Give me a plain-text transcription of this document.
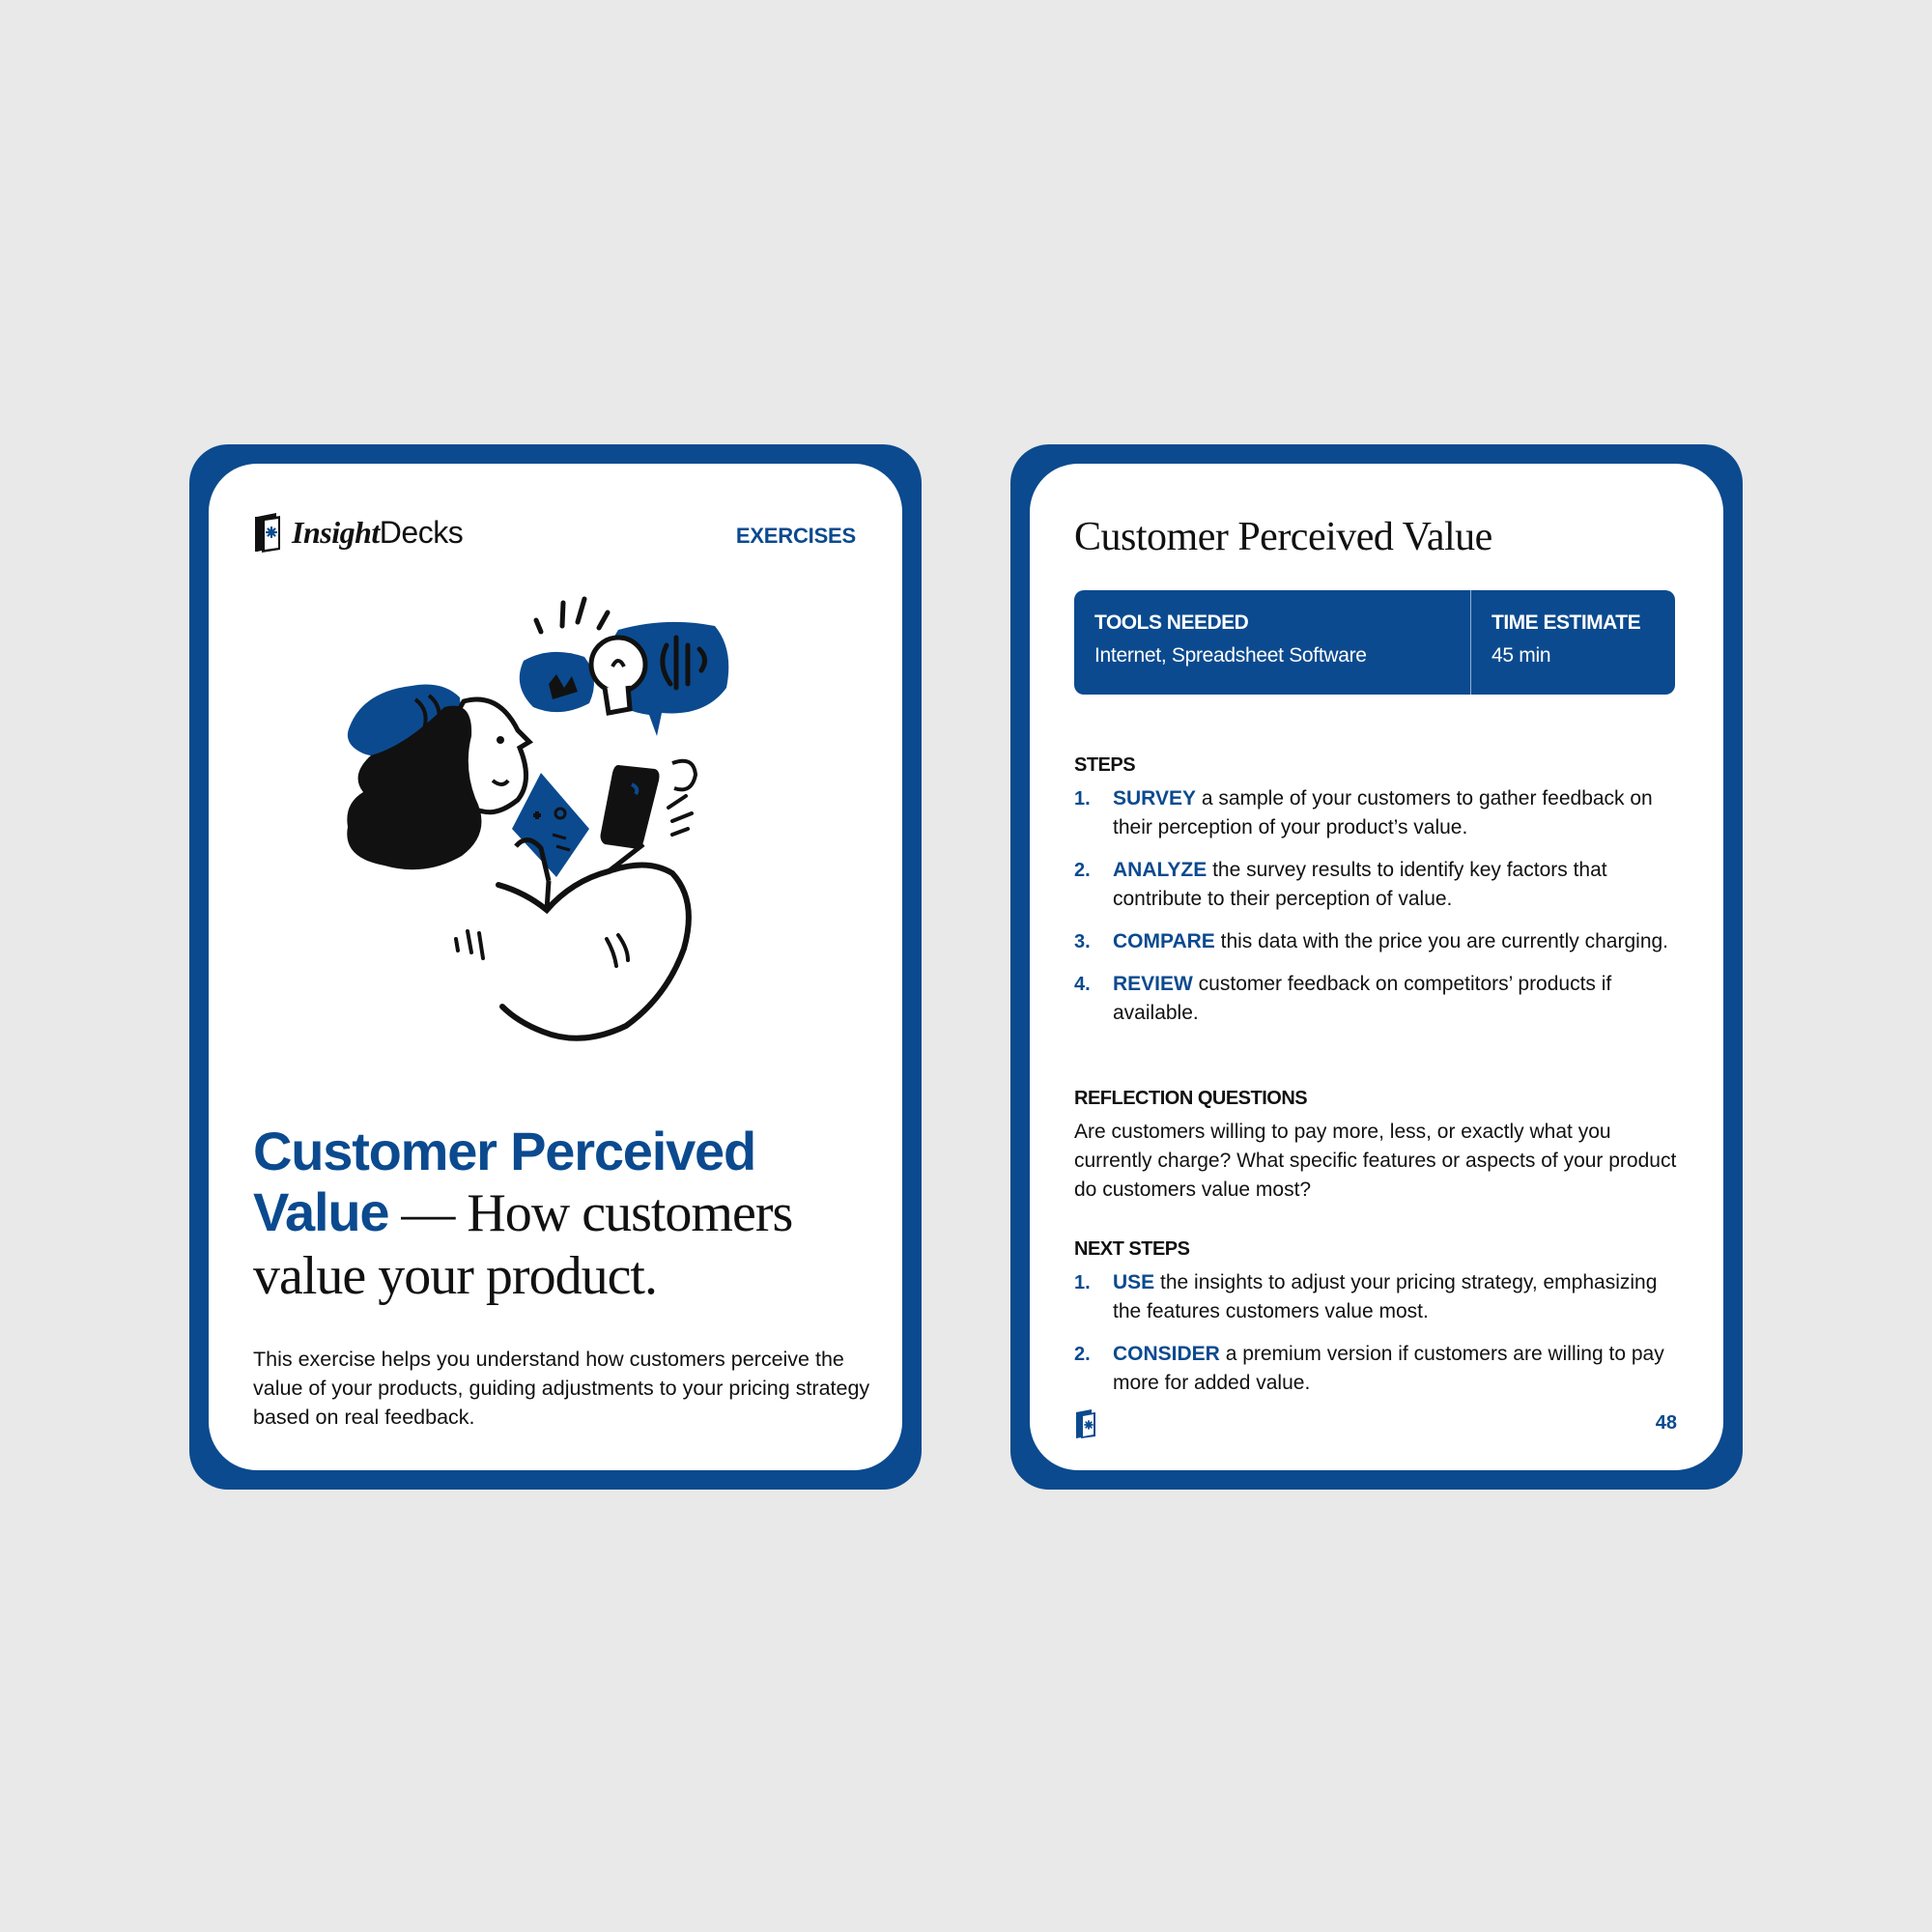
InsightDecks	EXERCISES
Customer Perceived Value — How customers value your product.

This exercise helps you understand how customers perceive the value of your products, guiding adjustments to your pricing strategy based on real feedback.

Customer Perceived Value
TOOLS NEEDED
Internet, Spreadsheet Software
TIME ESTIMATE
45 min
STEPS
1. SURVEY a sample of your customers to gather feedback on their perception of your product’s value.
2. ANALYZE the survey results to identify key factors that contribute to their perception of value.
3. COMPARE this data with the price you are currently charging.
4. REVIEW customer feedback on competitors’ products if available.
REFLECTION QUESTIONS

Are customers willing to pay more, less, or exactly what you currently charge? What specific features or aspects of your product do customers value most?

NEXT STEPS
1. USE the insights to adjust your pricing strategy, emphasizing the features customers value most.
2. CONSIDER a premium version if customers are willing to pay more for added value.
48
